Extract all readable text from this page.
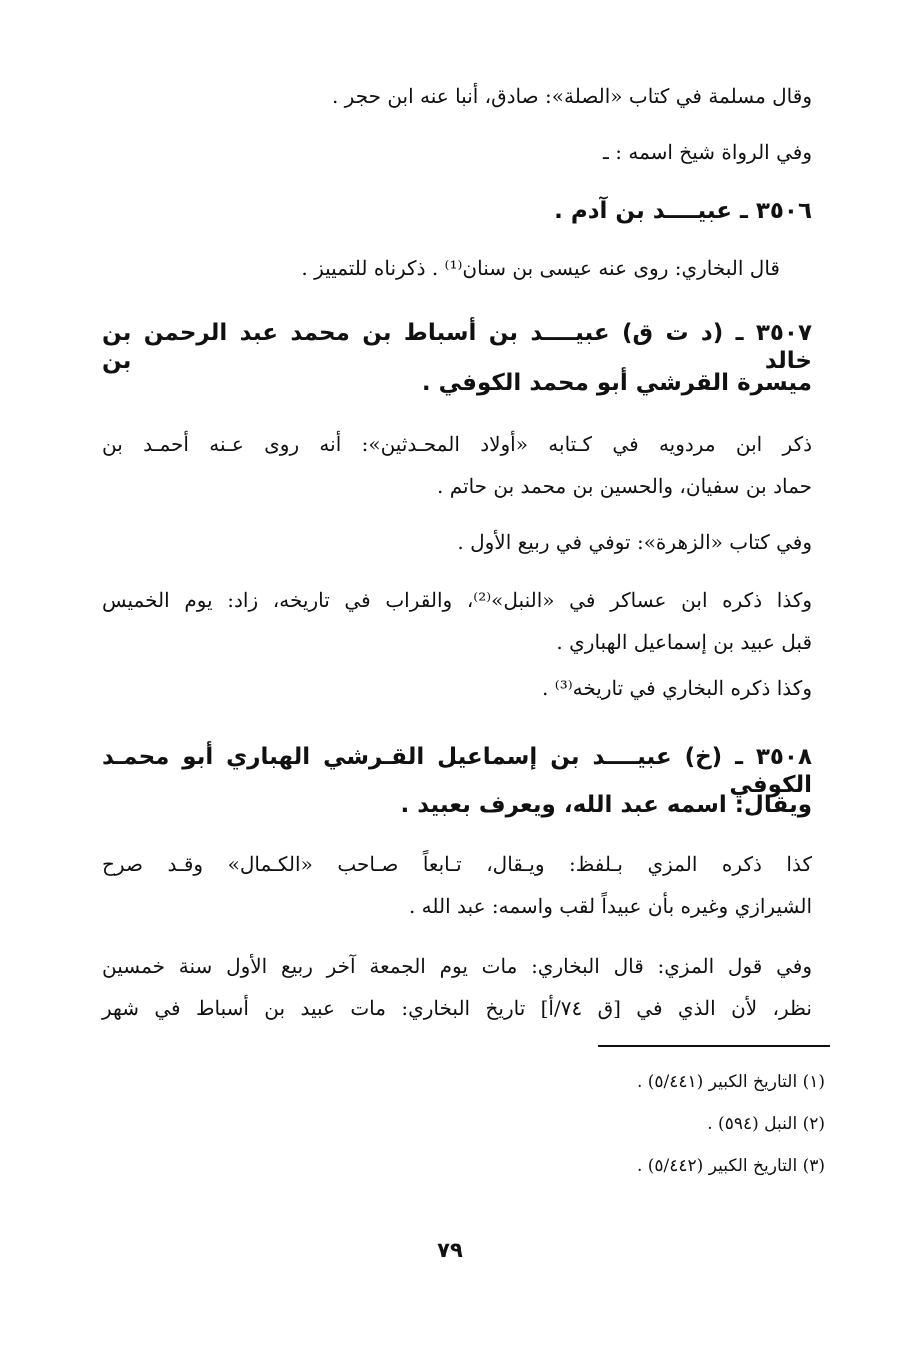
وقال مسلمة في كتاب «الصلة»: صادق، أنبا عنه ابن حجر .
وفي الرواة شيخ اسمه : ـ
٣٥٠٦ ـ عبيــــد بن آدم .
قال البخاري: روى عنه عيسى بن سنان⁽¹⁾ . ذكرناه للتمييز .
٣٥٠٧ ـ (د ت ق) عبيــــد بن أسباط بن محمد عبد الرحمن بن خالد بن
ميسرة القرشي أبو محمد الكوفي .
ذكر ابن مردويه في كـتابه «أولاد المحـدثين»: أنه روى عـنه أحمـد بن
حماد بن سفيان، والحسين بن محمد بن حاتم .
وفي كتاب «الزهرة»: توفي في ربيع الأول .
وكذا ذكره ابن عساكر في «النبل»⁽²⁾، والقراب في تاريخه، زاد: يوم الخميس
قبل عبيد بن إسماعيل الهباري .
وكذا ذكره البخاري في تاريخه⁽³⁾ .
٣٥٠٨ ـ (خ) عبيــــد بن إسماعيل القـرشي الهباري أبو محمـد الكوفي
ويقال: اسمه عبد الله، ويعرف بعبيد .
كذا ذكره المزي بـلفظ: ويـقال، تـابعاً صـاحب «الكـمال» وقـد صرح
الشيرازي وغيره بأن عبيداً لقب واسمه: عبد الله .
وفي قول المزي: قال البخاري: مات يوم الجمعة آخر ربيع الأول سنة خمسين
نظر، لأن الذي في [ق ٧٤/أ] تاريخ البخاري: مات عبيد بن أسباط في شهر
(١) التاريخ الكبير (٥/٤٤١) .
(٢) النبل (٥٩٤) .
(٣) التاريخ الكبير (٥/٤٤٢) .
٧٩
